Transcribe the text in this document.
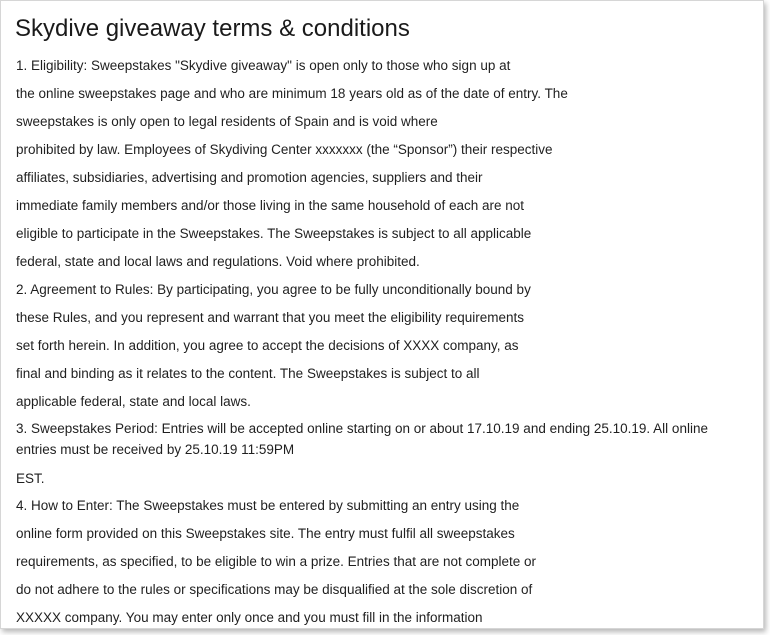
Skydive giveaway terms & conditions
1. Eligibility: Sweepstakes "Skydive giveaway" is open only to those who sign up at
the online sweepstakes page and who are minimum 18 years old as of the date of entry. The
sweepstakes is only open to legal residents of Spain and is void where
prohibited by law. Employees of Skydiving Center xxxxxxx (the “Sponsor”) their respective
affiliates, subsidiaries, advertising and promotion agencies, suppliers and their
immediate family members and/or those living in the same household of each are not
eligible to participate in the Sweepstakes. The Sweepstakes is subject to all applicable
federal, state and local laws and regulations. Void where prohibited.
2. Agreement to Rules: By participating, you agree to be fully unconditionally bound by
these Rules, and you represent and warrant that you meet the eligibility requirements
set forth herein. In addition, you agree to accept the decisions of XXXX company, as
final and binding as it relates to the content. The Sweepstakes is subject to all
applicable federal, state and local laws.
3. Sweepstakes Period: Entries will be accepted online starting on or about 17.10.19 and ending 25.10.19. All online
entries must be received by 25.10.19 11:59PM
EST.
4. How to Enter: The Sweepstakes must be entered by submitting an entry using the
online form provided on this Sweepstakes site. The entry must fulfil all sweepstakes
requirements, as specified, to be eligible to win a prize. Entries that are not complete or
do not adhere to the rules or specifications may be disqualified at the sole discretion of
XXXXX company. You may enter only once and you must fill in the information
